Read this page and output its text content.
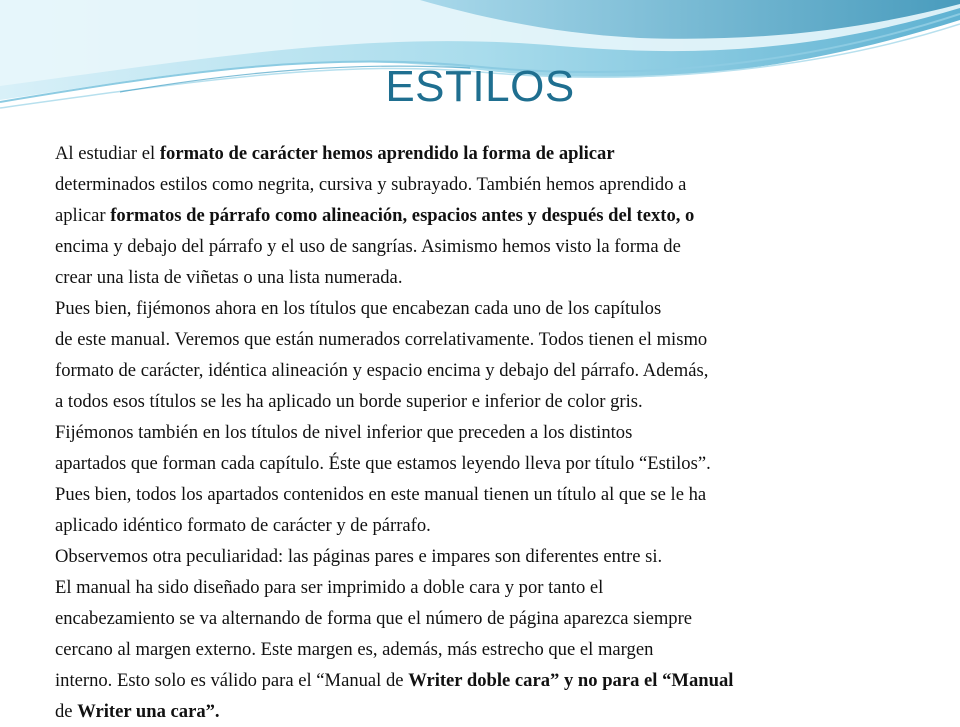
ESTILOS
Al estudiar el formato de carácter hemos aprendido la forma de aplicar
determinados estilos como negrita, cursiva y subrayado. También hemos aprendido a
aplicar formatos de párrafo como alineación, espacios antes y después del texto, o
encima y debajo del párrafo y el uso de sangrías. Asimismo hemos visto la forma de
crear una lista de viñetas o una lista numerada.
Pues bien, fijémonos ahora en los títulos que encabezan cada uno de los capítulos
de este manual. Veremos que están numerados correlativamente. Todos tienen el mismo
formato de carácter, idéntica alineación y espacio encima y debajo del párrafo. Además,
a todos esos títulos se les ha aplicado un borde superior e inferior de color gris.
Fijémonos también en los títulos de nivel inferior que preceden a los distintos
apartados que forman cada capítulo. Éste que estamos leyendo lleva por título “Estilos”.
Pues bien, todos los apartados contenidos en este manual tienen un título al que se le ha
aplicado idéntico formato de carácter y de párrafo.
Observemos otra peculiaridad: las páginas pares e impares son diferentes entre si.
El manual ha sido diseñado para ser imprimido a doble cara y por tanto el
encabezamiento se va alternando de forma que el número de página aparezca siempre
cercano al margen externo. Este margen es, además, más estrecho que el margen
interno. Esto solo es válido para el “Manual de Writer doble cara” y no para el “Manual
de Writer una cara”.
